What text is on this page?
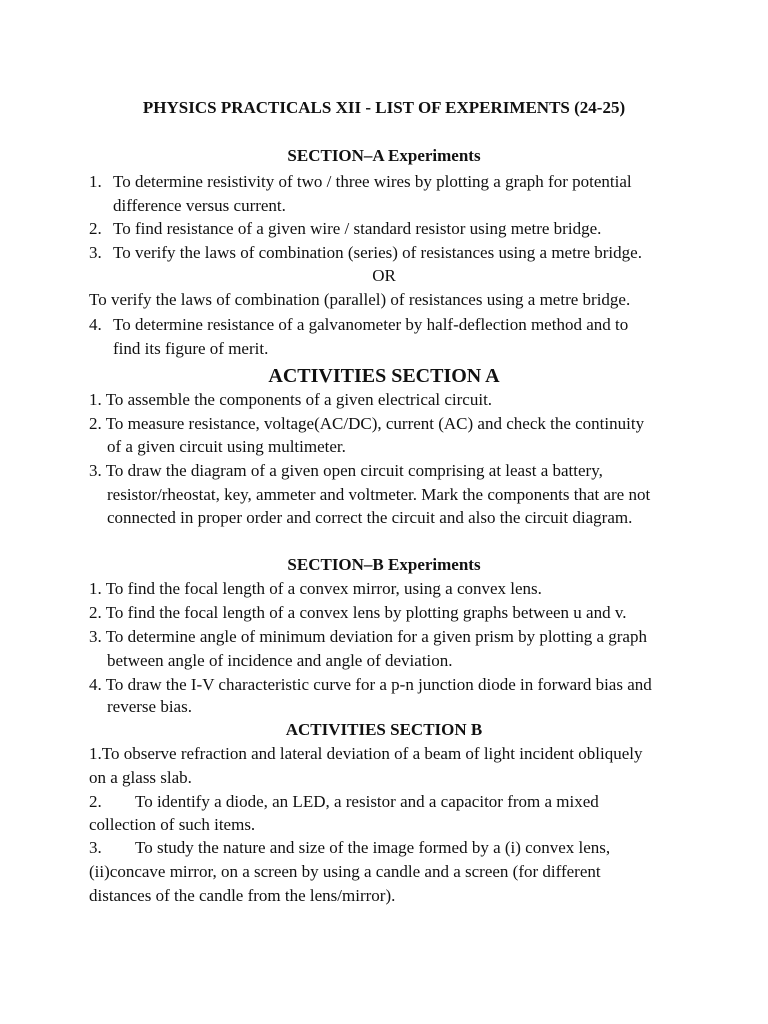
PHYSICS PRACTICALS XII - LIST OF EXPERIMENTS (24-25)
SECTION–A Experiments
1. To determine resistivity of two / three wires by plotting a graph for potential
difference versus current.
2. To find resistance of a given wire / standard resistor using metre bridge.
3. To verify the laws of combination (series) of resistances using a metre bridge.
OR
To verify the laws of combination (parallel) of resistances using a metre bridge.
4. To determine resistance of a galvanometer by half-deflection method and to
find its figure of merit.
ACTIVITIES SECTION A
1. To assemble the components of a given electrical circuit.
2. To measure resistance, voltage(AC/DC), current (AC) and check the continuity
of a given circuit using multimeter.
3. To draw the diagram of a given open circuit comprising at least a battery,
resistor/rheostat, key, ammeter and voltmeter. Mark the components that are not
connected in proper order and correct the circuit and also the circuit diagram.
SECTION–B Experiments
1. To find the focal length of a convex mirror, using a convex lens.
2. To find the focal length of a convex lens by plotting graphs between u and v.
3. To determine angle of minimum deviation for a given prism by plotting a graph
between angle of incidence and angle of deviation.
4. To draw the I-V characteristic curve for a p-n junction diode in forward bias and
reverse bias.
ACTIVITIES SECTION B
1.To observe refraction and lateral deviation of a beam of light incident obliquely
on a glass slab.
2. To identify a diode, an LED, a resistor and a capacitor from a mixed
collection of such items.
3. To study the nature and size of the image formed by a (i) convex lens,
(ii)concave mirror, on a screen by using a candle and a screen (for different
distances of the candle from the lens/mirror).
